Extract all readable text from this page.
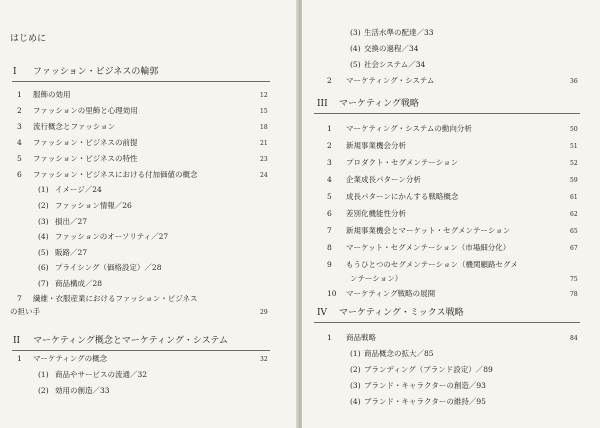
はじめに
I ファッション・ビジネスの輪郭
1 服飾の効用	12
2 ファッションの里飾と心理効用	15
3 流行概念とファッション	18
4 ファッション・ビジネスの前提	21
5 ファッション・ビジネスの特性	23
6 ファッション・ビジネスにおける付加価値の概念	24
(1) イメージ／24
(2) ファッション情報／26
(3) 損出／27
(4) ファッションのオーソリティ／27
(5) 販路／27
(6) プライシング（価格設定）／28
(7) 商品構成／28
7 繊維・衣服産業におけるファッション・ビジネス
の担い手	29
II マーケティング概念とマーケティング・システム
1 マーケティングの概念	32
(1) 商品やサービスの流通／32
(2) 効用の創造／33
(3) 生活水準の配達／33
(4) 交換の過程／34
(5) 社会システム／34
2 マーケティング・システム	36
III マーケティング戦略
1 マーケティング・システムの動向分析	50
2 新規事業機会分析	51
3 プロダクト・セグメンテーション	52
4 企業成長パターン分析	59
5 成長パターンにかんする戦略概念	61
6 差別化機能性分析	62
7 新規事業機会とマーケット・セグメンテーション	65
8 マーケット・セグメンテーション（市場細分化）	67
9 もうひとつのセグメンテーション（機関顧路セグメ
ンテーション）	75
10 マーケティング戦略の展開	78
IV マーケティング・ミックス戦略
1 商品戦略	84
(1) 商品概念の拡大／85
(2) ブランディング（ブランド設定）／89
(3) ブランド・キャラクターの創造／93
(4) ブランド・キャラクターの維持／95
